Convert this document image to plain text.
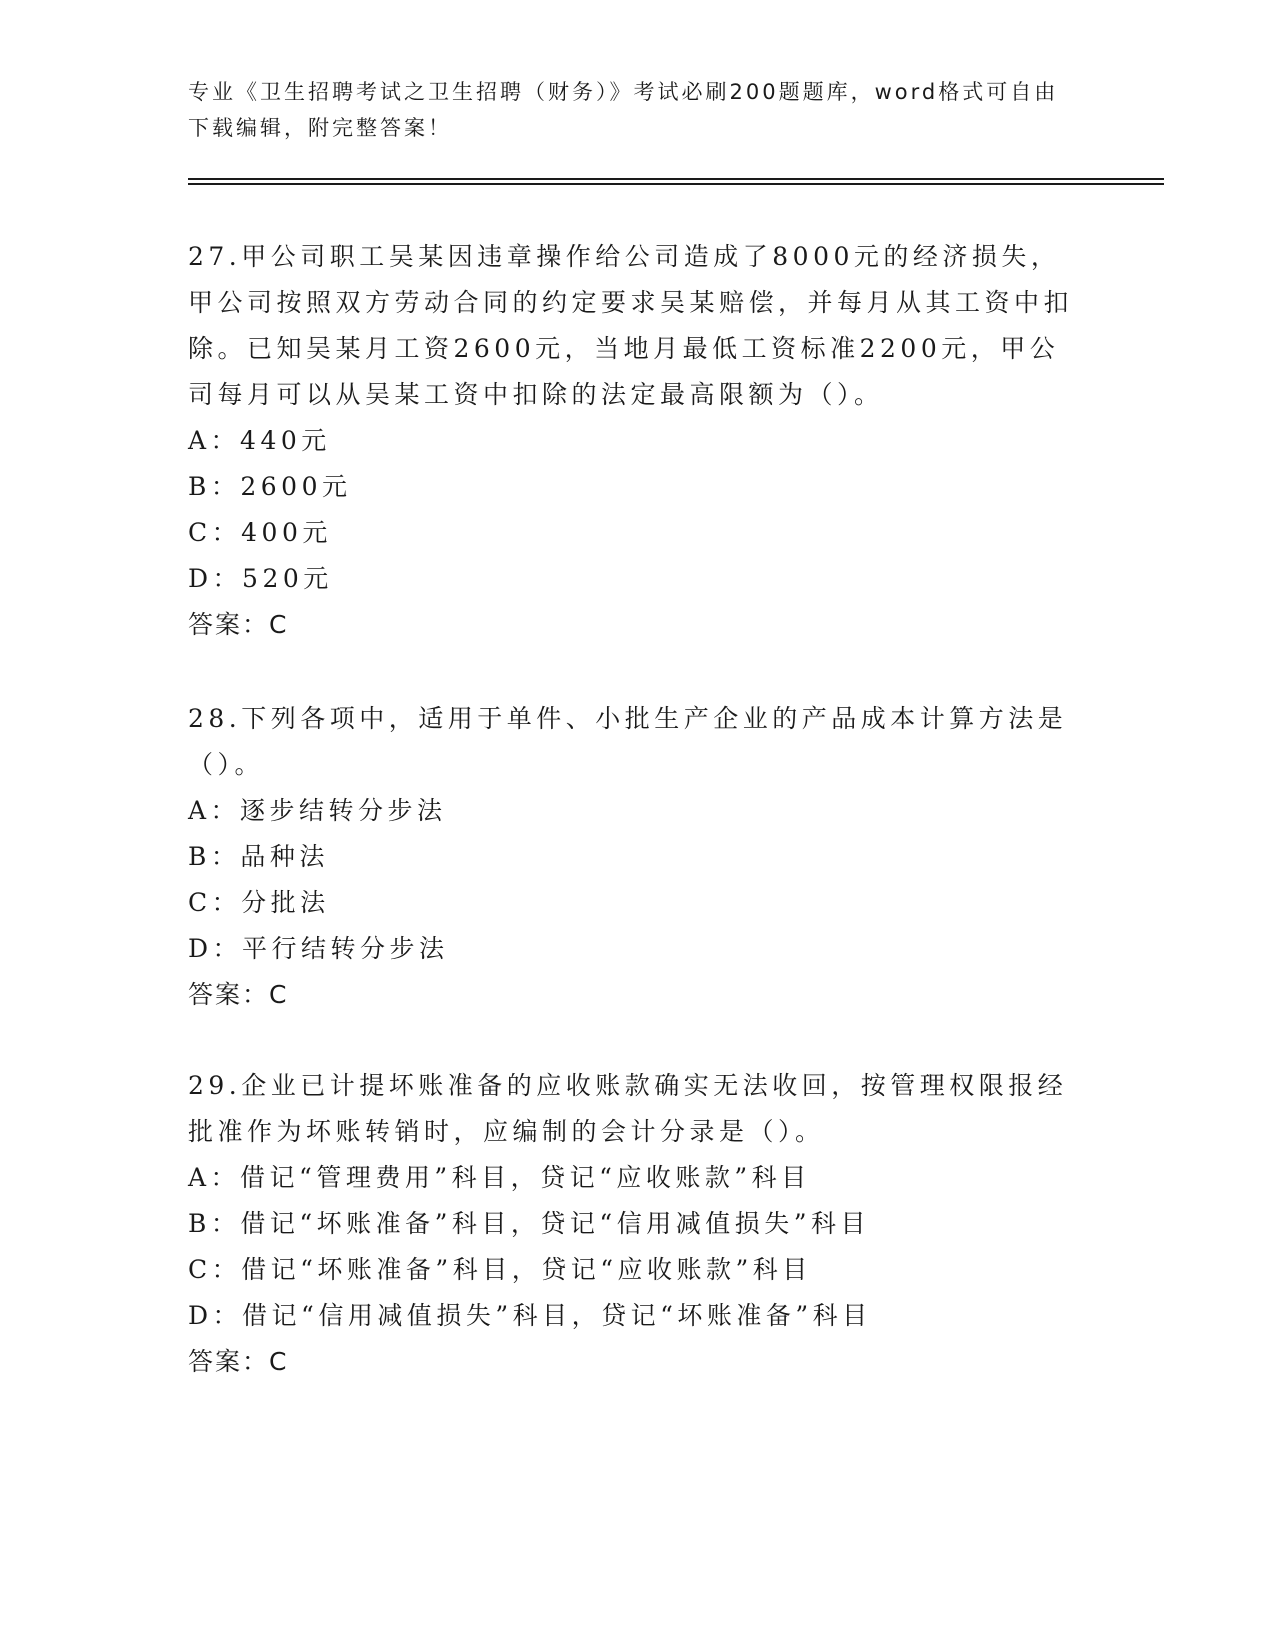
专业《卫生招聘考试之卫生招聘（财务）》考试必刷200题题库，word格式可自由下载编辑，附完整答案！

27.甲公司职工吴某因违章操作给公司造成了8000元的经济损失，甲公司按照双方劳动合同的约定要求吴某赔偿，并每月从其工资中扣除。已知吴某月工资2600元，当地月最低工资标准2200元，甲公司每月可以从吴某工资中扣除的法定最高限额为（）。

A：440元

B：2600元

C：400元

D：520元

答案：C

28.下列各项中，适用于单件、小批生产企业的产品成本计算方法是（）。

A：逐步结转分步法

B：品种法

C：分批法

D：平行结转分步法

答案：C

29.企业已计提坏账准备的应收账款确实无法收回，按管理权限报经批准作为坏账转销时，应编制的会计分录是（）。

A：借记“管理费用”科目，贷记“应收账款”科目

B：借记“坏账准备”科目，贷记“信用减值损失”科目

C：借记“坏账准备”科目，贷记“应收账款”科目

D：借记“信用减值损失”科目，贷记“坏账准备”科目

答案：C
